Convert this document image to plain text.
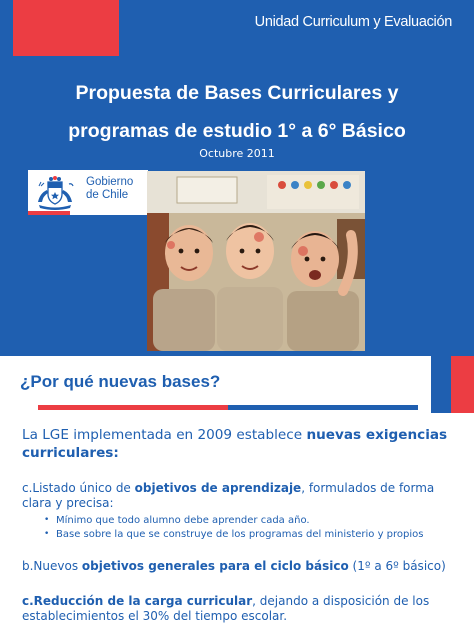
Unidad Curriculum y Evaluación
Propuesta de Bases Curriculares y
programas de estudio 1° a 6° Básico
Octubre 2011
Gobierno
de Chile
¿Por qué nuevas bases?
La LGE implementada en 2009 establece nuevas exigencias curriculares:
c.Listado único de objetivos de aprendizaje, formulados de forma clara y precisa:
• Mínimo que todo alumno debe aprender cada año.
• Base sobre la que se construye de los programas del ministerio y propios
b.Nuevos objetivos generales para el ciclo básico (1º a 6º básico)
c.Reducción de la carga curricular, dejando a disposición de los establecimientos el 30% del tiempo escolar.
